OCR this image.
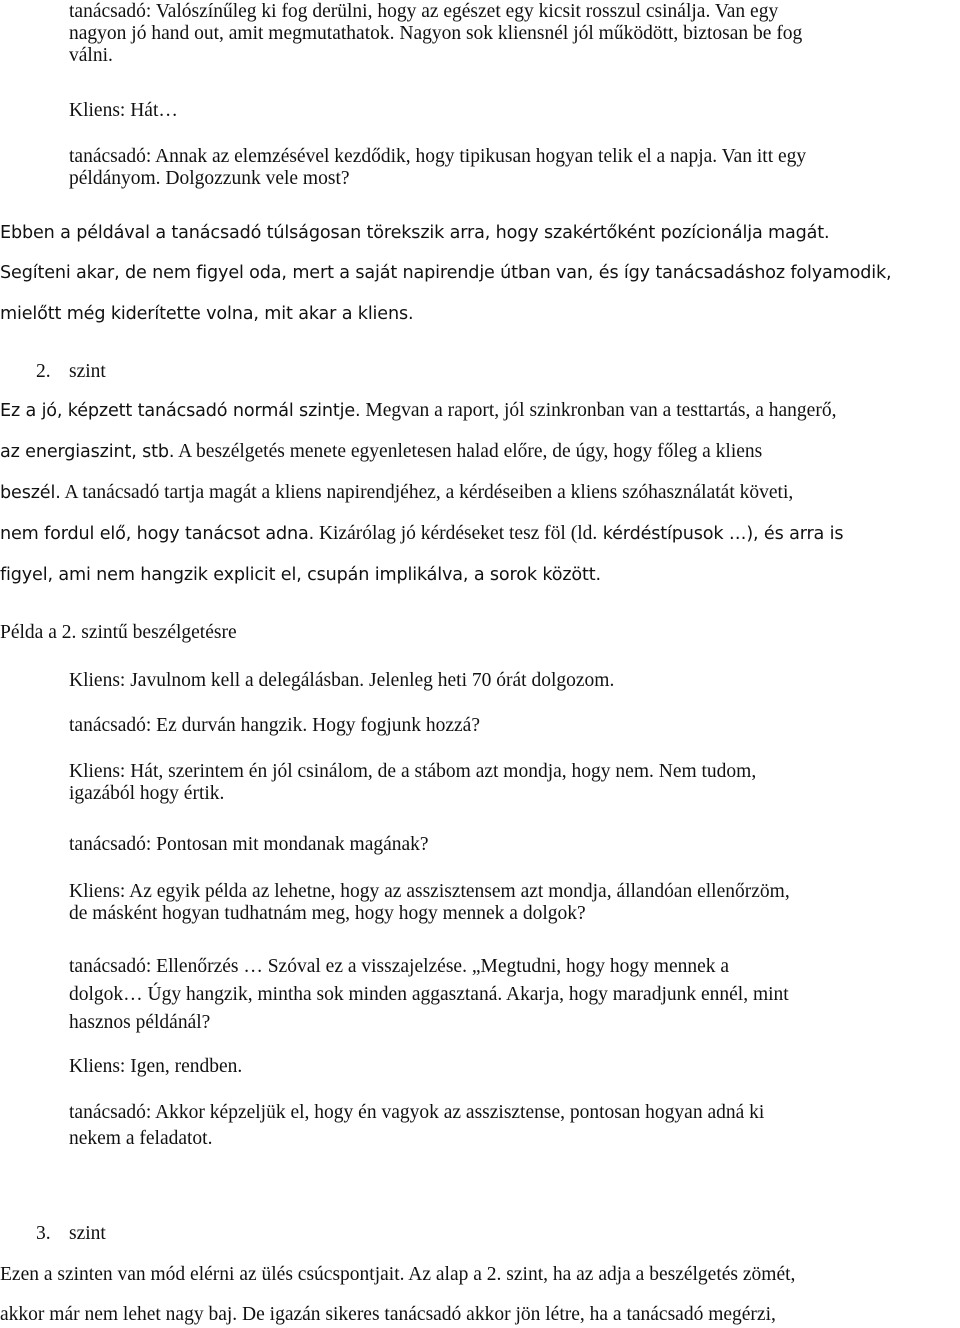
tanácsadó: Valószínűleg ki fog derülni, hogy az egészet egy kicsit rosszul csinálja. Van egy
nagyon jó hand out, amit megmutathatok. Nagyon sok kliensnél jól működött, biztosan be fog
válni.
Kliens: Hát…
tanácsadó: Annak az elemzésével kezdődik, hogy tipikusan hogyan telik el a napja. Van itt egy
példányom. Dolgozzunk vele most?
Ebben a példával a tanácsadó túlságosan törekszik arra, hogy szakértőként pozícionálja magát.
Segíteni akar, de nem figyel oda, mert a saját napirendje útban van, és így tanácsadáshoz folyamodik,
mielőtt még kiderítette volna, mit akar a kliens.
2. szint
Ez a jó, képzett tanácsadó normál szintje. Megvan a raport, jól szinkronban van a testtartás, a hangerő,
az energiaszint, stb. A beszélgetés menete egyenletesen halad előre, de úgy, hogy főleg a kliens
beszél. A tanácsadó tartja magát a kliens napirendjéhez, a kérdéseiben a kliens szóhasználatát követi,
nem fordul elő, hogy tanácsot adna. Kizárólag jó kérdéseket tesz föl (ld. kérdéstípusok …), és arra is
figyel, ami nem hangzik explicit el, csupán implikálva, a sorok között.
Példa a 2. szintű beszélgetésre
Kliens: Javulnom kell a delegálásban. Jelenleg heti 70 órát dolgozom.
tanácsadó: Ez durván hangzik. Hogy fogjunk hozzá?
Kliens: Hát, szerintem én jól csinálom, de a stábom azt mondja, hogy nem. Nem tudom,
igazából hogy értik.
tanácsadó: Pontosan mit mondanak magának?
Kliens: Az egyik példa az lehetne, hogy az asszisztensem azt mondja, állandóan ellenőrzöm,
de másként hogyan tudhatnám meg, hogy hogy mennek a dolgok?
tanácsadó: Ellenőrzés … Szóval ez a visszajelzése. „Megtudni, hogy hogy mennek a
dolgok… Úgy hangzik, mintha sok minden aggasztaná. Akarja, hogy maradjunk ennél, mint
hasznos példánál?
Kliens: Igen, rendben.
tanácsadó: Akkor képzeljük el, hogy én vagyok az asszisztense, pontosan hogyan adná ki
nekem a feladatot.
3. szint
Ezen a szinten van mód elérni az ülés csúcspontjait. Az alap a 2. szint, ha az adja a beszélgetés zömét,
akkor már nem lehet nagy baj. De igazán sikeres tanácsadó akkor jön létre, ha a tanácsadó megérzi,
